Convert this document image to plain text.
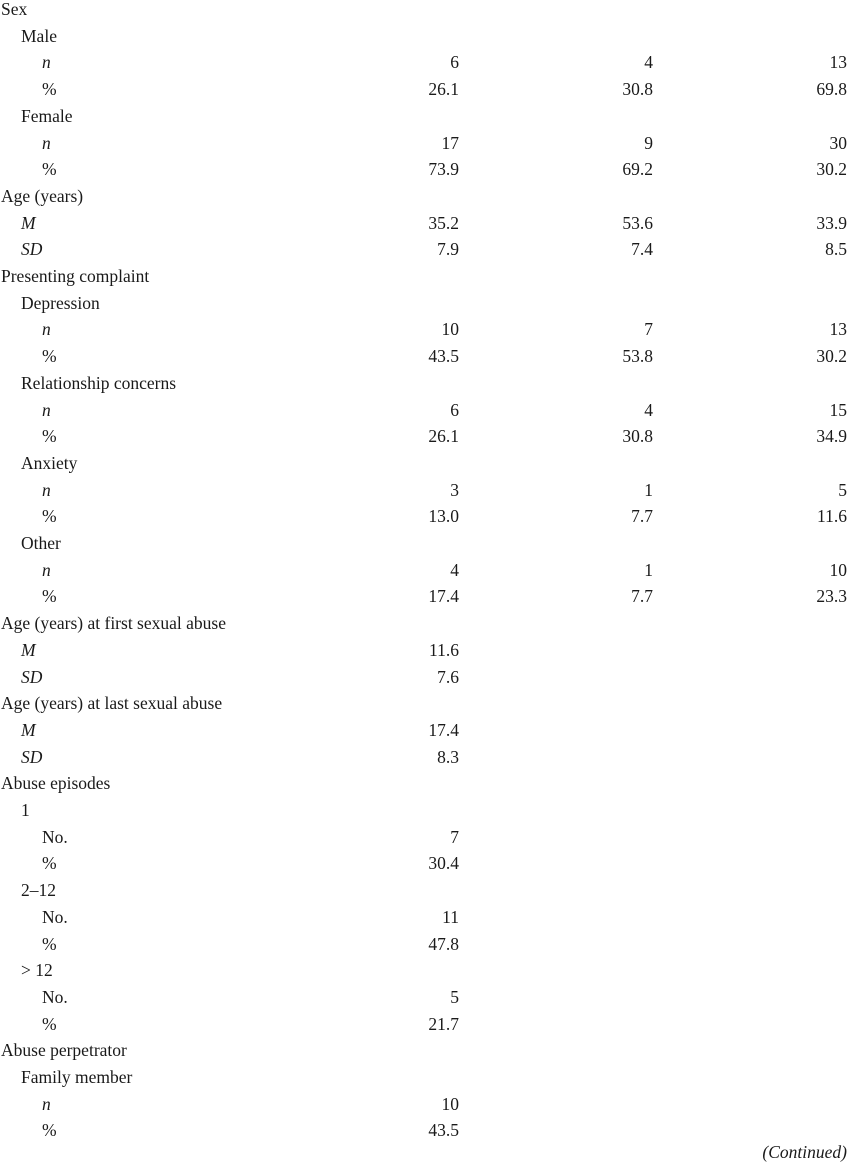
Sex
Male
n	6	4	13
%	26.1	30.8	69.8
Female
n	17	9	30
%	73.9	69.2	30.2
Age (years)
M	35.2	53.6	33.9
SD	7.9	7.4	8.5
Presenting complaint
Depression
n	10	7	13
%	43.5	53.8	30.2
Relationship concerns
n	6	4	15
%	26.1	30.8	34.9
Anxiety
n	3	1	5
%	13.0	7.7	11.6
Other
n	4	1	10
%	17.4	7.7	23.3
Age (years) at first sexual abuse
M	11.6
SD	7.6
Age (years) at last sexual abuse
M	17.4
SD	8.3
Abuse episodes
1
No.	7
%	30.4
2–12
No.	11
%	47.8
> 12
No.	5
%	21.7
Abuse perpetrator
Family member
n	10
%	43.5
(Continued)
